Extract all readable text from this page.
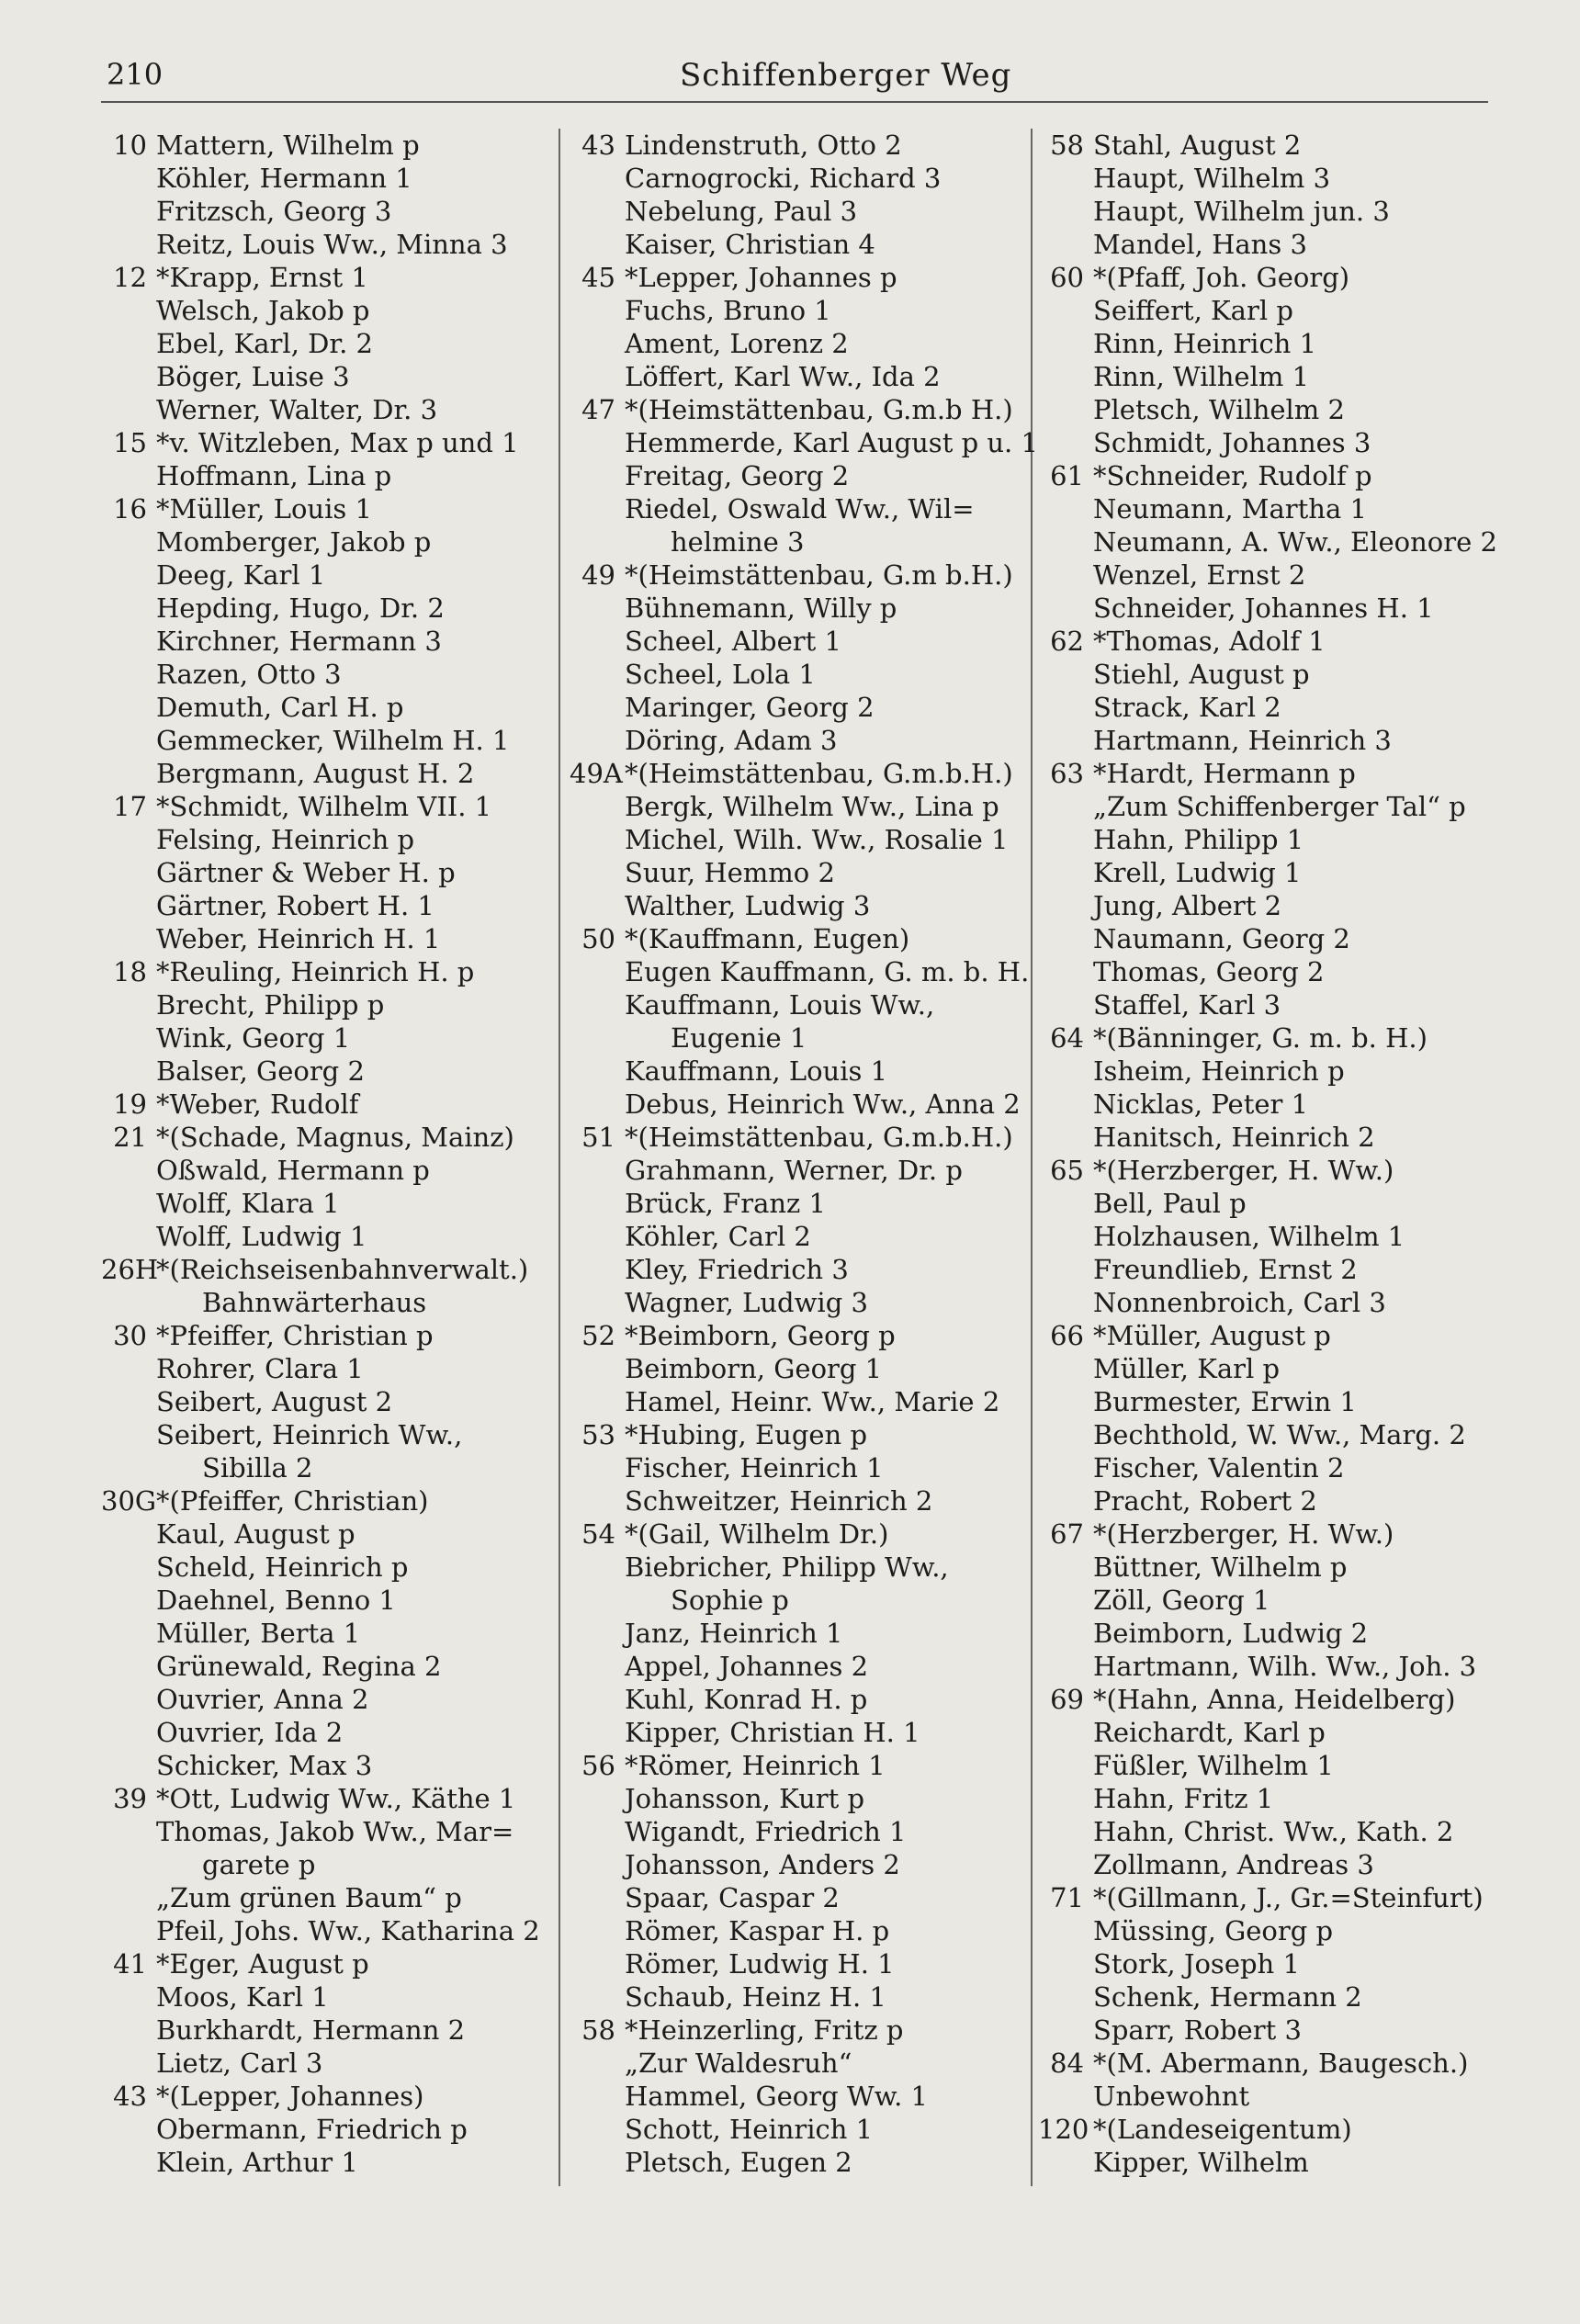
210	Schiffenberger Weg
10 Mattern, Wilhelm p
Köhler, Hermann 1
Fritzsch, Georg 3
Reitz, Louis Ww., Minna 3
12 *Krapp, Ernst 1
Welsch, Jakob p
Ebel, Karl, Dr. 2
Böger, Luise 3
Werner, Walter, Dr. 3
15 *v. Witzleben, Max p und 1
Hoffmann, Lina p
16 *Müller, Louis 1
Momberger, Jakob p
Deeg, Karl 1
Hepding, Hugo, Dr. 2
Kirchner, Hermann 3
Razen, Otto 3
Demuth, Carl H. p
Gemmecker, Wilhelm H. 1
Bergmann, August H. 2
17 *Schmidt, Wilhelm VII. 1
Felsing, Heinrich p
Gärtner & Weber H. p
Gärtner, Robert H. 1
Weber, Heinrich H. 1
18 *Reuling, Heinrich H. p
Brecht, Philipp p
Wink, Georg 1
Balser, Georg 2
19 *Weber, Rudolf
21 *(Schade, Magnus, Mainz)
Oßwald, Hermann p
Wolff, Klara 1
Wolff, Ludwig 1
26H*(Reichseisenbahnverwalt.)
Bahnwärterhaus
30 *Pfeiffer, Christian p
Rohrer, Clara 1
Seibert, August 2
Seibert, Heinrich Ww.,
Sibilla 2
30G*(Pfeiffer, Christian)
Kaul, August p
Scheld, Heinrich p
Daehnel, Benno 1
Müller, Berta 1
Grünewald, Regina 2
Ouvrier, Anna 2
Ouvrier, Ida 2
Schicker, Max 3
39 *Ott, Ludwig Ww., Käthe 1
Thomas, Jakob Ww., Mar=
garete p
„Zum grünen Baum“ p
Pfeil, Johs. Ww., Katharina 2
41 *Eger, August p
Moos, Karl 1
Burkhardt, Hermann 2
Lietz, Carl 3
43 *(Lepper, Johannes)
Obermann, Friedrich p
Klein, Arthur 1
43 Lindenstruth, Otto 2
Carnogrocki, Richard 3
Nebelung, Paul 3
Kaiser, Christian 4
45 *Lepper, Johannes p
Fuchs, Bruno 1
Ament, Lorenz 2
Löffert, Karl Ww., Ida 2
47 *(Heimstättenbau, G.m.b H.)
Hemmerde, Karl August p u. 1
Freitag, Georg 2
Riedel, Oswald Ww., Wil=
helmine 3
49 *(Heimstättenbau, G.m b.H.)
Bühnemann, Willy p
Scheel, Albert 1
Scheel, Lola 1
Maringer, Georg 2
Döring, Adam 3
49A*(Heimstättenbau, G.m.b.H.)
Bergk, Wilhelm Ww., Lina p
Michel, Wilh. Ww., Rosalie 1
Suur, Hemmo 2
Walther, Ludwig 3
50 *(Kauffmann, Eugen)
Eugen Kauffmann, G. m. b. H.
Kauffmann, Louis Ww.,
Eugenie 1
Kauffmann, Louis 1
Debus, Heinrich Ww., Anna 2
51 *(Heimstättenbau, G.m.b.H.)
Grahmann, Werner, Dr. p
Brück, Franz 1
Köhler, Carl 2
Kley, Friedrich 3
Wagner, Ludwig 3
52 *Beimborn, Georg p
Beimborn, Georg 1
Hamel, Heinr. Ww., Marie 2
53 *Hubing, Eugen p
Fischer, Heinrich 1
Schweitzer, Heinrich 2
54 *(Gail, Wilhelm Dr.)
Biebricher, Philipp Ww.,
Sophie p
Janz, Heinrich 1
Appel, Johannes 2
Kuhl, Konrad H. p
Kipper, Christian H. 1
56 *Römer, Heinrich 1
Johansson, Kurt p
Wigandt, Friedrich 1
Johansson, Anders 2
Spaar, Caspar 2
Römer, Kaspar H. p
Römer, Ludwig H. 1
Schaub, Heinz H. 1
58 *Heinzerling, Fritz p
„Zur Waldesruh“
Hammel, Georg Ww. 1
Schott, Heinrich 1
Pletsch, Eugen 2
58 Stahl, August 2
Haupt, Wilhelm 3
Haupt, Wilhelm jun. 3
Mandel, Hans 3
60 *(Pfaff, Joh. Georg)
Seiffert, Karl p
Rinn, Heinrich 1
Rinn, Wilhelm 1
Pletsch, Wilhelm 2
Schmidt, Johannes 3
61 *Schneider, Rudolf p
Neumann, Martha 1
Neumann, A. Ww., Eleonore 2
Wenzel, Ernst 2
Schneider, Johannes H. 1
62 *Thomas, Adolf 1
Stiehl, August p
Strack, Karl 2
Hartmann, Heinrich 3
63 *Hardt, Hermann p
„Zum Schiffenberger Tal“ p
Hahn, Philipp 1
Krell, Ludwig 1
Jung, Albert 2
Naumann, Georg 2
Thomas, Georg 2
Staffel, Karl 3
64 *(Bänninger, G. m. b. H.)
Isheim, Heinrich p
Nicklas, Peter 1
Hanitsch, Heinrich 2
65 *(Herzberger, H. Ww.)
Bell, Paul p
Holzhausen, Wilhelm 1
Freundlieb, Ernst 2
Nonnenbroich, Carl 3
66 *Müller, August p
Müller, Karl p
Burmester, Erwin 1
Bechthold, W. Ww., Marg. 2
Fischer, Valentin 2
Pracht, Robert 2
67 *(Herzberger, H. Ww.)
Büttner, Wilhelm p
Zöll, Georg 1
Beimborn, Ludwig 2
Hartmann, Wilh. Ww., Joh. 3
69 *(Hahn, Anna, Heidelberg)
Reichardt, Karl p
Füßler, Wilhelm 1
Hahn, Fritz 1
Hahn, Christ. Ww., Kath. 2
Zollmann, Andreas 3
71 *(Gillmann, J., Gr.=Steinfurt)
Müssing, Georg p
Stork, Joseph 1
Schenk, Hermann 2
Sparr, Robert 3
84 *(M. Abermann, Baugesch.)
Unbewohnt
120 *(Landeseigentum)
Kipper, Wilhelm
